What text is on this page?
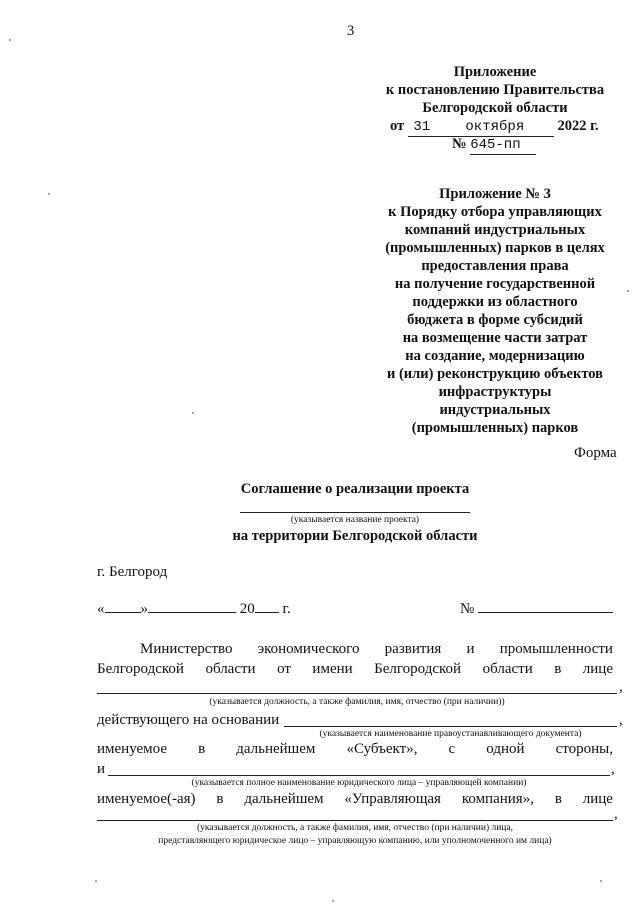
3
Приложение
к постановлению Правительства
Белгородской области
от 31	октября 2022 г.
№ 645-пп
Приложение № 3
к Порядку отбора управляющих
компаний индустриальных
(промышленных) парков в целях
предоставления права
на получение государственной
поддержки из областного
бюджета в форме субсидий
на возмещение части затрат
на создание, модернизацию
и (или) реконструкцию объектов
инфраструктуры
индустриальных
(промышленных) парков
Форма
Соглашение о реализации проекта
(указывается название проекта)
на территории Белгородской области
г. Белгород
« »	20 г.	№
Министерство экономического развития и промышленности
Белгородской области от имени Белгородской области в лице
,
(указывается должность, а также фамилия, имя, отчество (при наличии))
действующего на основании	,
(указывается наименование правоустанавливающего документа)
именуемое в дальнейшем «Субъект», с одной стороны,
и	,
(указывается полное наименование юридического лица – управляющей компании)
именуемое(-ая) в дальнейшем «Управляющая компания», в лице
,
(указывается должность, а также фамилия, имя, отчество (при наличии) лица,
представляющего юридическое лицо – управляющую компанию, или уполномоченного им лица)
